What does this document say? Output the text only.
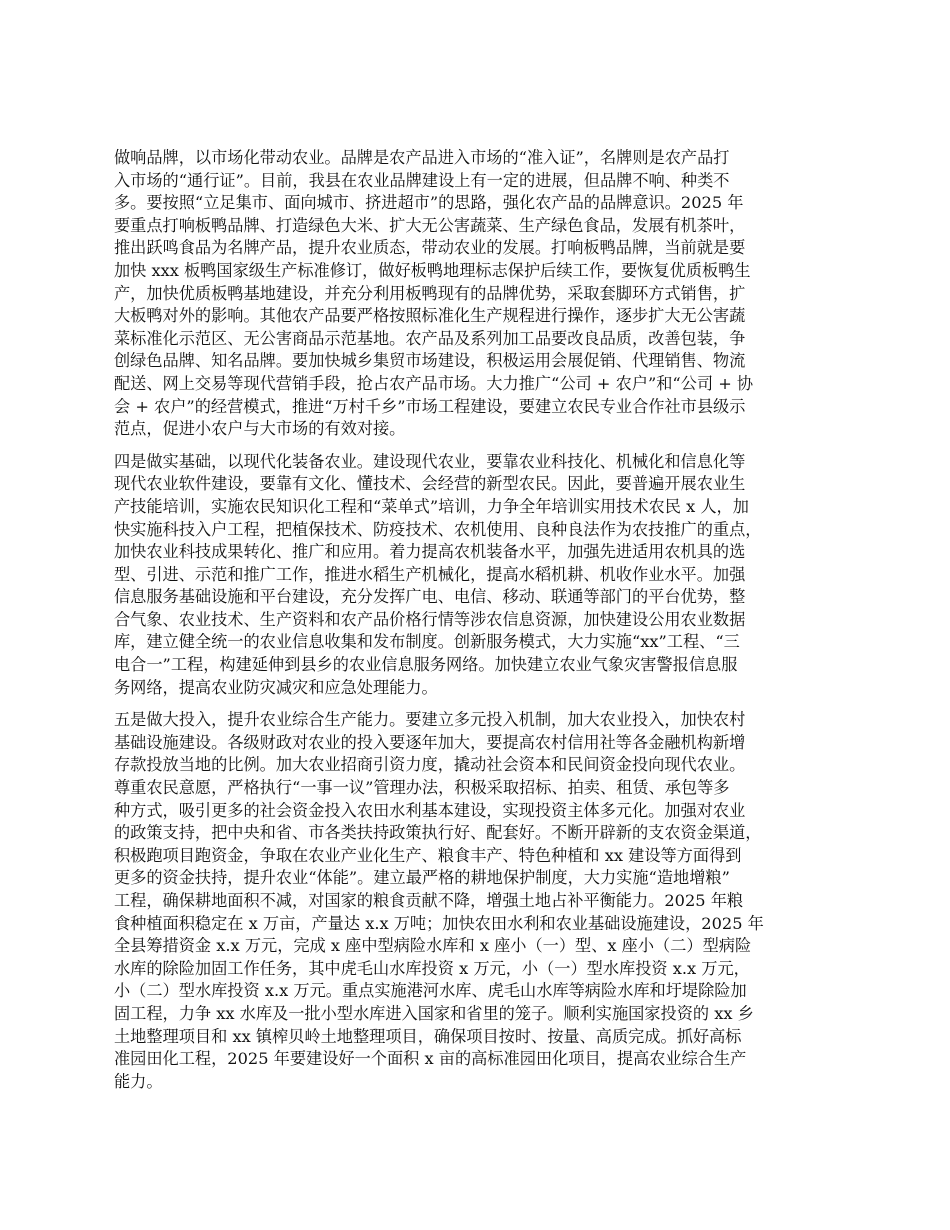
做响品牌，以市场化带动农业。品牌是农产品进入市场的“准入证”，名牌则是农产品打
入市场的“通行证”。目前，我县在农业品牌建设上有一定的进展，但品牌不响、种类不
多。要按照“立足集市、面向城市、挤进超市”的思路，强化农产品的品牌意识。2025 年
要重点打响板鸭品牌、打造绿色大米、扩大无公害蔬菜、生产绿色食品，发展有机茶叶，
推出跃鸣食品为名牌产品，提升农业质态，带动农业的发展。打响板鸭品牌，当前就是要
加快 xxx 板鸭国家级生产标准修订，做好板鸭地理标志保护后续工作，要恢复优质板鸭生
产，加快优质板鸭基地建设，并充分利用板鸭现有的品牌优势，采取套脚环方式销售，扩
大板鸭对外的影响。其他农产品要严格按照标准化生产规程进行操作，逐步扩大无公害蔬
菜标准化示范区、无公害商品示范基地。农产品及系列加工品要改良品质，改善包装，争
创绿色品牌、知名品牌。要加快城乡集贸市场建设，积极运用会展促销、代理销售、物流
配送、网上交易等现代营销手段，抢占农产品市场。大力推广“公司 + 农户”和“公司 + 协
会 + 农户”的经营模式，推进“万村千乡”市场工程建设，要建立农民专业合作社市县级示
范点，促进小农户与大市场的有效对接。
四是做实基础，以现代化装备农业。建设现代农业，要靠农业科技化、机械化和信息化等
现代农业软件建设，要靠有文化、懂技术、会经营的新型农民。因此，要普遍开展农业生
产技能培训，实施农民知识化工程和“菜单式”培训，力争全年培训实用技术农民 x 人，加
快实施科技入户工程，把植保技术、防疫技术、农机使用、良种良法作为农技推广的重点，
加快农业科技成果转化、推广和应用。着力提高农机装备水平，加强先进适用农机具的选
型、引进、示范和推广工作，推进水稻生产机械化，提高水稻机耕、机收作业水平。加强
信息服务基础设施和平台建设，充分发挥广电、电信、移动、联通等部门的平台优势，整
合气象、农业技术、生产资料和农产品价格行情等涉农信息资源，加快建设公用农业数据
库，建立健全统一的农业信息收集和发布制度。创新服务模式，大力实施“xx”工程、“三
电合一”工程，构建延伸到县乡的农业信息服务网络。加快建立农业气象灾害警报信息服
务网络，提高农业防灾减灾和应急处理能力。
五是做大投入，提升农业综合生产能力。要建立多元投入机制，加大农业投入，加快农村
基础设施建设。各级财政对农业的投入要逐年加大，要提高农村信用社等各金融机构新增
存款投放当地的比例。加大农业招商引资力度，撬动社会资本和民间资金投向现代农业。
尊重农民意愿，严格执行“一事一议”管理办法，积极采取招标、拍卖、租赁、承包等多
种方式，吸引更多的社会资金投入农田水利基本建设，实现投资主体多元化。加强对农业
的政策支持，把中央和省、市各类扶持政策执行好、配套好。不断开辟新的支农资金渠道，
积极跑项目跑资金，争取在农业产业化生产、粮食丰产、特色种植和 xx 建设等方面得到
更多的资金扶持，提升农业“体能”。建立最严格的耕地保护制度，大力实施“造地增粮”
工程，确保耕地面积不减，对国家的粮食贡献不降，增强土地占补平衡能力。2025 年粮
食种植面积稳定在 x 万亩，产量达 x.x 万吨；加快农田水利和农业基础设施建设，2025 年
全县筹措资金 x.x 万元，完成 x 座中型病险水库和 x 座小（一）型、x 座小（二）型病险
水库的除险加固工作任务，其中虎毛山水库投资 x 万元，小（一）型水库投资 x.x 万元，
小（二）型水库投资 x.x 万元。重点实施港河水库、虎毛山水库等病险水库和圩堤除险加
固工程，力争 xx 水库及一批小型水库进入国家和省里的笼子。顺利实施国家投资的 xx 乡
土地整理项目和 xx 镇榨贝岭土地整理项目，确保项目按时、按量、高质完成。抓好高标
准园田化工程，2025 年要建设好一个面积 x 亩的高标准园田化项目，提高农业综合生产
能力。
